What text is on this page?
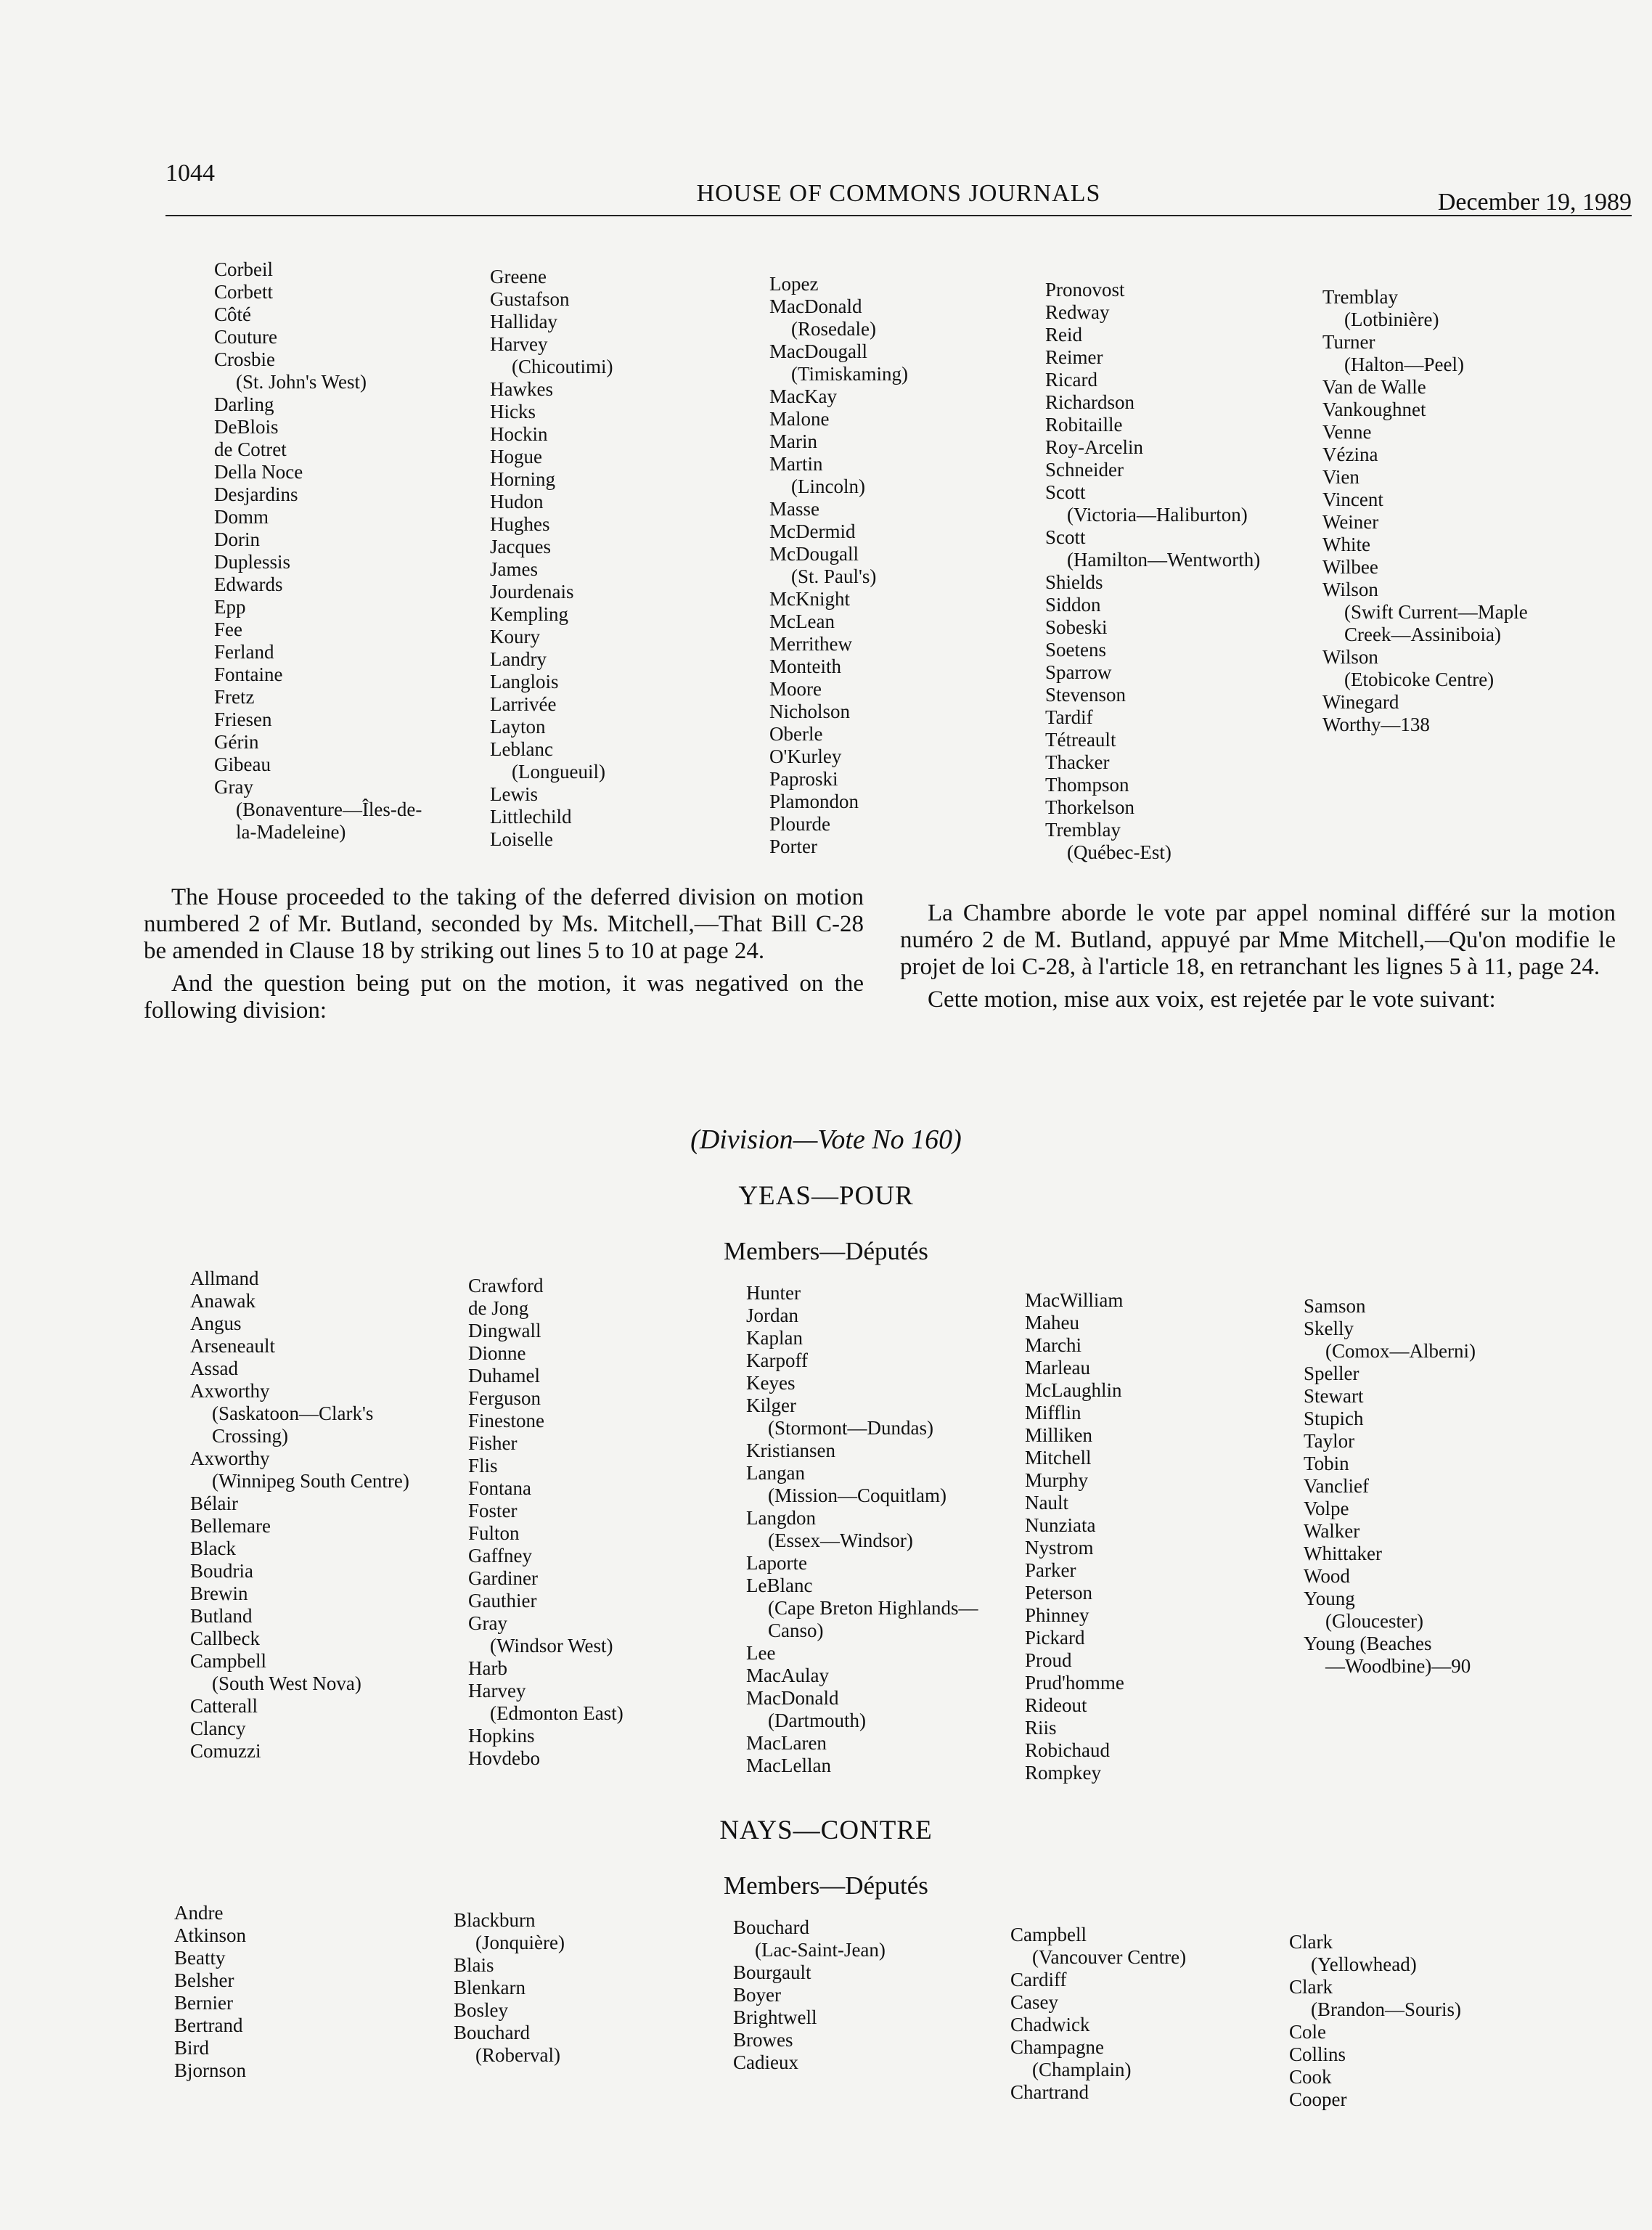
1044
HOUSE OF COMMONS JOURNALS	December 19, 1989
Corbeil
Corbett
Côté
Couture
Crosbie
(St. John's West)
Darling
DeBlois
de Cotret
Della Noce
Desjardins
Domm
Dorin
Duplessis
Edwards
Epp
Fee
Ferland
Fontaine
Fretz
Friesen
Gérin
Gibeau
Gray
(Bonaventure—Îles-de-
la-Madeleine)
Greene
Gustafson
Halliday
Harvey
(Chicoutimi)
Hawkes
Hicks
Hockin
Hogue
Horning
Hudon
Hughes
Jacques
James
Jourdenais
Kempling
Koury
Landry
Langlois
Larrivée
Layton
Leblanc
(Longueuil)
Lewis
Littlechild
Loiselle
Lopez
MacDonald
(Rosedale)
MacDougall
(Timiskaming)
MacKay
Malone
Marin
Martin
(Lincoln)
Masse
McDermid
McDougall
(St. Paul's)
McKnight
McLean
Merrithew
Monteith
Moore
Nicholson
Oberle
O'Kurley
Paproski
Plamondon
Plourde
Porter
Pronovost
Redway
Reid
Reimer
Ricard
Richardson
Robitaille
Roy-Arcelin
Schneider
Scott
(Victoria—Haliburton)
Scott
(Hamilton—Wentworth)
Shields
Siddon
Sobeski
Soetens
Sparrow
Stevenson
Tardif
Tétreault
Thacker
Thompson
Thorkelson
Tremblay
(Québec-Est)
Tremblay
(Lotbinière)
Turner
(Halton—Peel)
Van de Walle
Vankoughnet
Venne
Vézina
Vien
Vincent
Weiner
White
Wilbee
Wilson
(Swift Current—Maple
Creek—Assiniboia)
Wilson
(Etobicoke Centre)
Winegard
Worthy—138

The House proceeded to the taking of the deferred division on motion numbered 2 of Mr. Butland, seconded by Ms. Mitchell,—That Bill C-28 be amended in Clause 18 by striking out lines 5 to 10 at page 24.

And the question being put on the motion, it was negatived on the following division:

La Chambre aborde le vote par appel nominal différé sur la motion numéro 2 de M. Butland, appuyé par Mme Mitchell,—Qu'on modifie le projet de loi C-28, à l'article 18, en retranchant les lignes 5 à 11, page 24.

Cette motion, mise aux voix, est rejetée par le vote suivant:

(Division—Vote No 160)
YEAS—POUR
Members—Députés
Allmand
Anawak
Angus
Arseneault
Assad
Axworthy
(Saskatoon—Clark's
Crossing)
Axworthy
(Winnipeg South Centre)
Bélair
Bellemare
Black
Boudria
Brewin
Butland
Callbeck
Campbell
(South West Nova)
Catterall
Clancy
Comuzzi
Crawford
de Jong
Dingwall
Dionne
Duhamel
Ferguson
Finestone
Fisher
Flis
Fontana
Foster
Fulton
Gaffney
Gardiner
Gauthier
Gray
(Windsor West)
Harb
Harvey
(Edmonton East)
Hopkins
Hovdebo
Hunter
Jordan
Kaplan
Karpoff
Keyes
Kilger
(Stormont—Dundas)
Kristiansen
Langan
(Mission—Coquitlam)
Langdon
(Essex—Windsor)
Laporte
LeBlanc
(Cape Breton Highlands—
Canso)
Lee
MacAulay
MacDonald
(Dartmouth)
MacLaren
MacLellan
MacWilliam
Maheu
Marchi
Marleau
McLaughlin
Mifflin
Milliken
Mitchell
Murphy
Nault
Nunziata
Nystrom
Parker
Peterson
Phinney
Pickard
Proud
Prud'homme
Rideout
Riis
Robichaud
Rompkey
Samson
Skelly
(Comox—Alberni)
Speller
Stewart
Stupich
Taylor
Tobin
Vanclief
Volpe
Walker
Whittaker
Wood
Young
(Gloucester)
Young (Beaches
—Woodbine)—90
NAYS—CONTRE
Members—Députés
Andre
Atkinson
Beatty
Belsher
Bernier
Bertrand
Bird
Bjornson
Blackburn
(Jonquière)
Blais
Blenkarn
Bosley
Bouchard
(Roberval)
Bouchard
(Lac-Saint-Jean)
Bourgault
Boyer
Brightwell
Browes
Cadieux
Campbell
(Vancouver Centre)
Cardiff
Casey
Chadwick
Champagne
(Champlain)
Chartrand
Clark
(Yellowhead)
Clark
(Brandon—Souris)
Cole
Collins
Cook
Cooper
